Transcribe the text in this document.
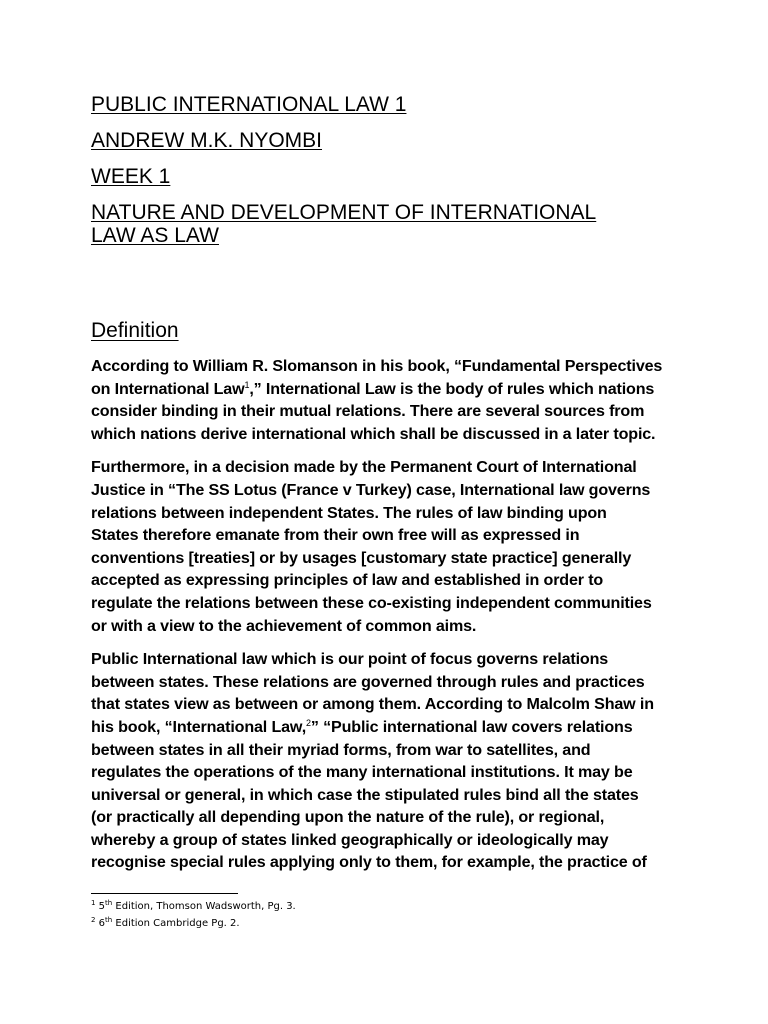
PUBLIC INTERNATIONAL LAW 1
ANDREW M.K. NYOMBI
WEEK 1
NATURE AND DEVELOPMENT OF INTERNATIONAL
LAW AS LAW
Definition
According to William R. Slomanson in his book, “Fundamental Perspectives
on International Law$^1$,” International Law is the body of rules which nations
consider binding in their mutual relations. There are several sources from
which nations derive international which shall be discussed in a later topic.
Furthermore, in a decision made by the Permanent Court of International
Justice in “The SS Lotus (France v Turkey) case, International law governs
relations between independent States. The rules of law binding upon
States therefore emanate from their own free will as expressed in
conventions [treaties] or by usages [customary state practice] generally
accepted as expressing principles of law and established in order to
regulate the relations between these co-existing independent communities
or with a view to the achievement of common aims.
Public International law which is our point of focus governs relations
between states. These relations are governed through rules and practices
that states view as between or among them. According to Malcolm Shaw in
his book, “International Law,$^2$” “Public international law covers relations
between states in all their myriad forms, from war to satellites, and
regulates the operations of the many international institutions. It may be
universal or general, in which case the stipulated rules bind all the states
(or practically all depending upon the nature of the rule), or regional,
whereby a group of states linked geographically or ideologically may
recognise special rules applying only to them, for example, the practice of
$^1$ 5th Edition, Thomson Wadsworth, Pg. 3.
$^2$ 6th Edition Cambridge Pg. 2.
